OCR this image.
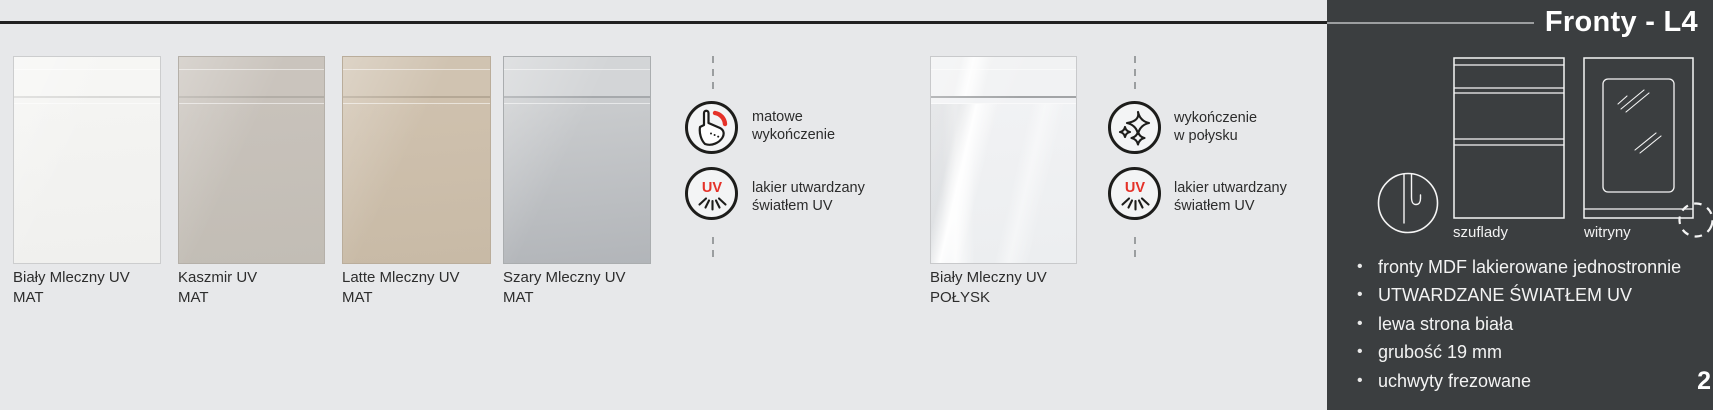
Biały Mleczny UV
MAT
Kaszmir UV
MAT
Latte Mleczny UV
MAT
Szary Mleczny UV
MAT
Biały Mleczny UV
POŁYSK
matowe
wykończenie
UV lakier utwardzany
światłem UV
wykończenie
w połysku
UV lakier utwardzany
światłem UV
Fronty - L4
szuflady	witryny
• fronty MDF lakierowane jednostronnie
• UTWARDZANE ŚWIATŁEM UV
• lewa strona biała
• grubość 19 mm
• uchwyty frezowane	2
